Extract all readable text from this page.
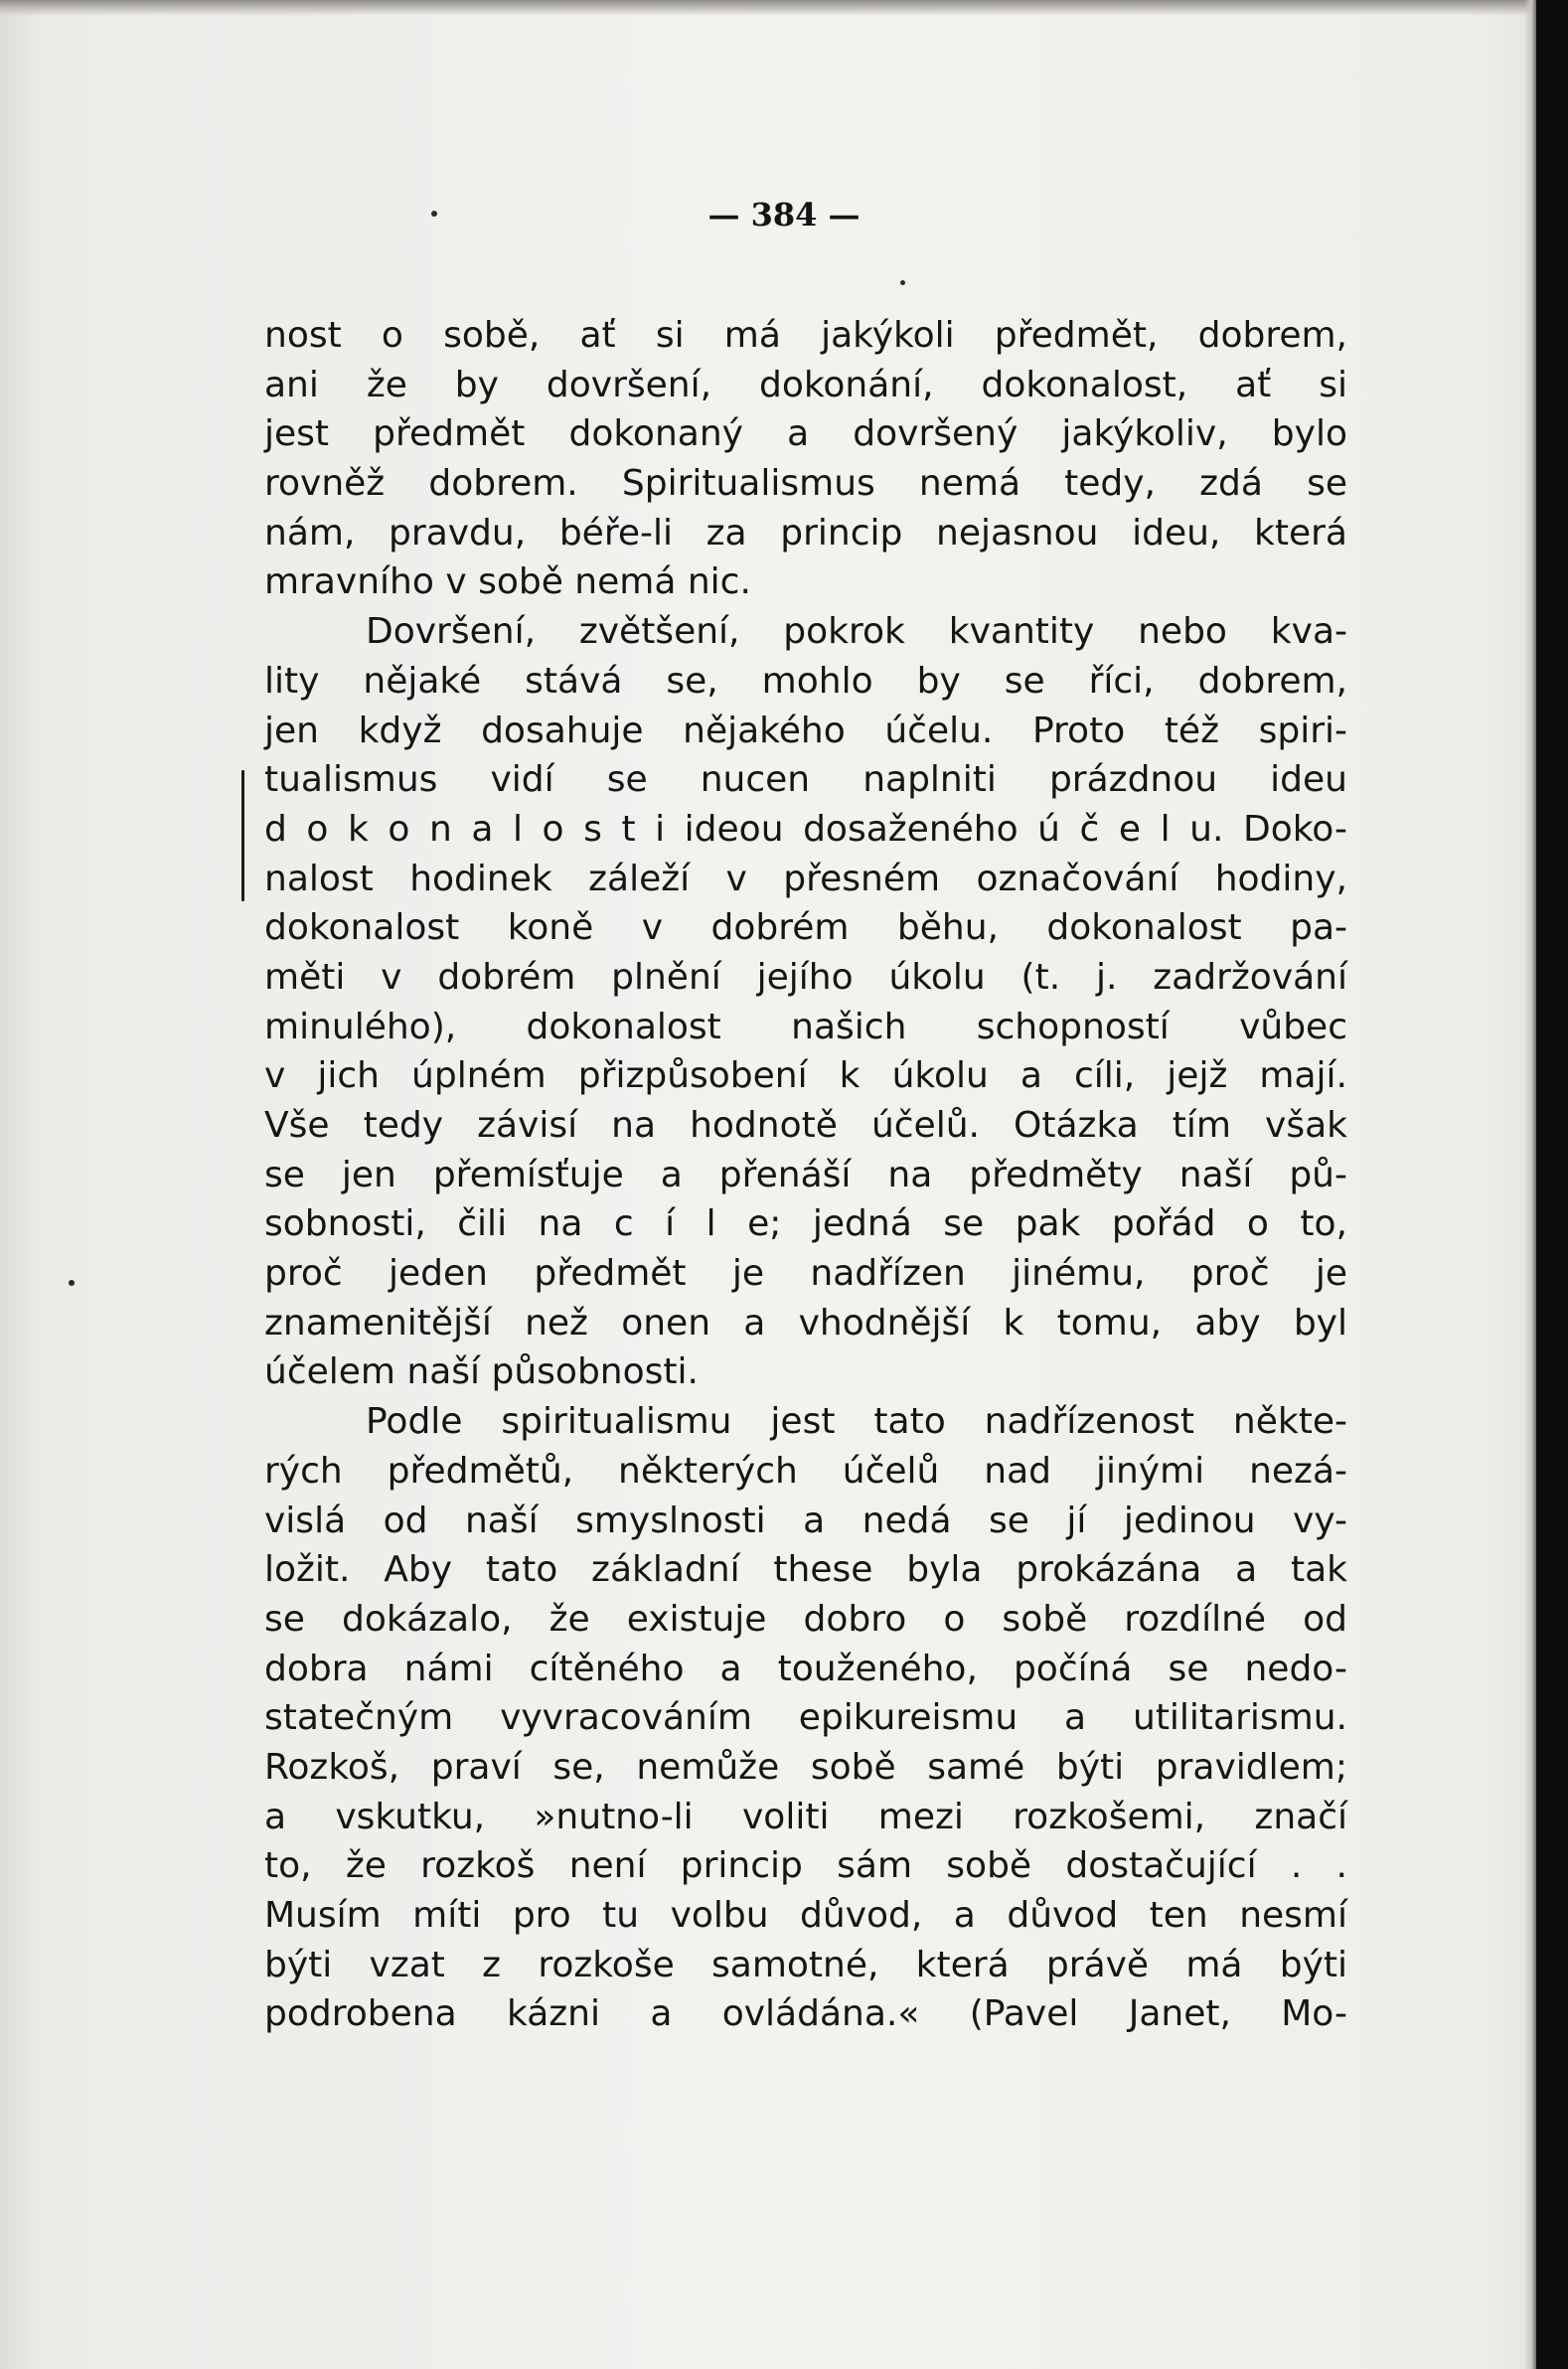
— 384 —
nost o sobě, ať si má jakýkoli předmět, dobrem,
ani že by dovršení, dokonání, dokonalost, ať si
jest předmět dokonaný a dovršený jakýkoliv, bylo
rovněž dobrem. Spiritualismus nemá tedy, zdá se
nám, pravdu, béře-li za princip nejasnou ideu, která
mravního v sobě nemá nic.
Dovršení, zvětšení, pokrok kvantity nebo kva-
lity nějaké stává se, mohlo by se říci, dobrem,
jen když dosahuje nějakého účelu. Proto též spiri-
tualismus vidí se nucen naplniti prázdnou ideu
d o k o n a l o s t i ideou dosaženého ú č e l u. Doko-
nalost hodinek záleží v přesném označování hodiny,
dokonalost koně v dobrém běhu, dokonalost pa-
měti v dobrém plnění jejího úkolu (t. j. zadržování
minulého), dokonalost našich schopností vůbec
v jich úplném přizpůsobení k úkolu a cíli, jejž mají.
Vše tedy závisí na hodnotě účelů. Otázka tím však
se jen přemísťuje a přenáší na předměty naší pů-
sobnosti, čili na c í l e; jedná se pak pořád o to,
proč jeden předmět je nadřízen jinému, proč je
znamenitější než onen a vhodnější k tomu, aby byl
účelem naší působnosti.
Podle spiritualismu jest tato nadřízenost někte-
rých předmětů, některých účelů nad jinými nezá-
vislá od naší smyslnosti a nedá se jí jedinou vy-
ložit. Aby tato základní these byla prokázána a tak
se dokázalo, že existuje dobro o sobě rozdílné od
dobra námi cítěného a touženého, počíná se nedo-
statečným vyvracováním epikureismu a utilitarismu.
Rozkoš, praví se, nemůže sobě samé býti pravidlem;
a vskutku, »nutno-li voliti mezi rozkošemi, značí
to, že rozkoš není princip sám sobě dostačující . .
Musím míti pro tu volbu důvod, a důvod ten nesmí
býti vzat z rozkoše samotné, která právě má býti
podrobena kázni a ovládána.« (Pavel Janet, Mo-
